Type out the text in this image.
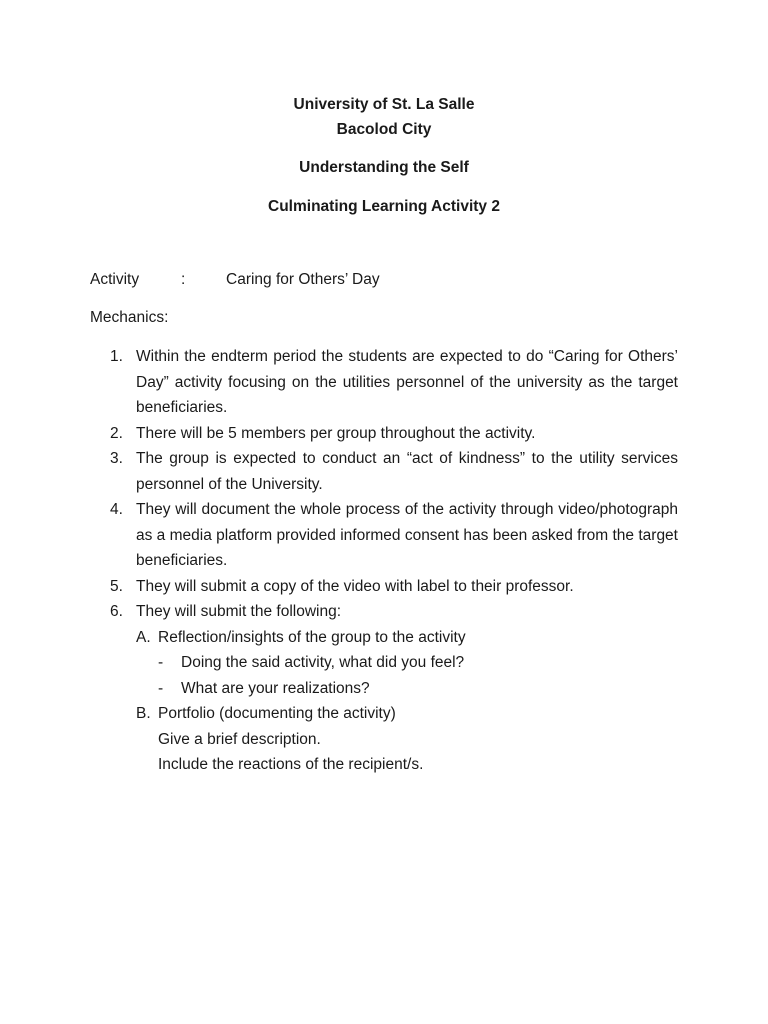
University of St. La Salle
Bacolod City
Understanding the Self
Culminating Learning Activity 2
Activity	:	Caring for Others’ Day
Mechanics:
1. Within the endterm period the students are expected to do “Caring for Others’ Day” activity focusing on the utilities personnel of the university as the target beneficiaries.
2. There will be 5 members per group throughout the activity.
3. The group is expected to conduct an “act of kindness” to the utility services personnel of the University.
4. They will document the whole process of the activity through video/photograph as a media platform provided informed consent has been asked from the target beneficiaries.
5. They will submit a copy of the video with label to their professor.
6. They will submit the following:
A. Reflection/insights of the group to the activity
- Doing the said activity, what did you feel?
- What are your realizations?
B. Portfolio (documenting the activity)
Give a brief description.
Include the reactions of the recipient/s.
